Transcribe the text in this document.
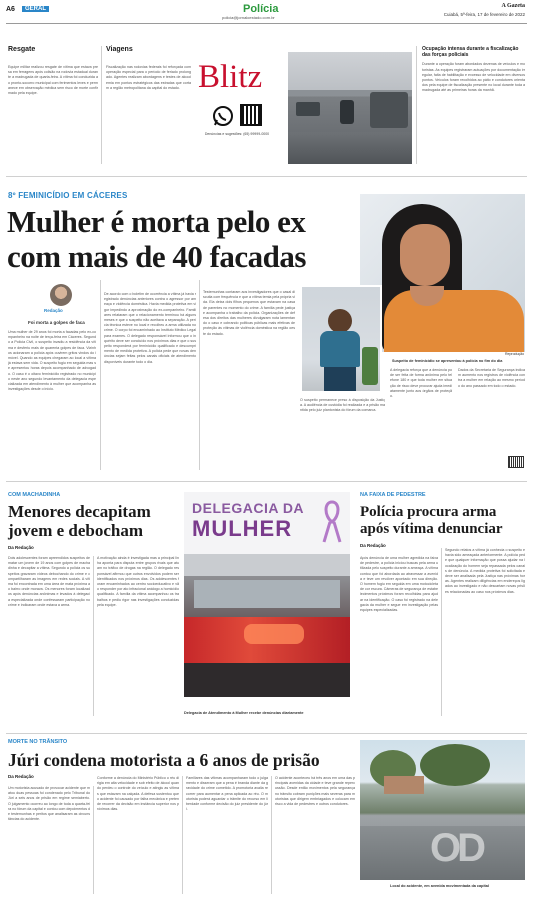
A6	GERAL	Polícia
policia@jornaloestado.com.br
A Gazeta
Cuiabá, 5ª-feira, 17 de fevereiro de 2022
Resgate
Equipe militar realizou resgate de vítima que estava presa em ferragens após colisão na rodovia estadual durante a madrugada de quarta-feira. A vítima foi conduzida ao pronto-socorro municipal com ferimentos leves e permanece em observação médica sem risco de morte confirmado pela equipe.
Viagens
Fiscalização nas rodovias federais foi reforçada com operação especial para o período de feriado prolongado. Agentes realizam abordagens e testes de alcoolemia em pontos estratégicos das estradas que cortam a região metropolitana da capital do estado. Blitz
Denúncias e sugestões: (65) 99999-0000
Ocupação intensa durante a fiscalização das forças policiais
Durante a operação foram abordados dezenas de veículos e motoristas. As equipes registraram autuações por documentação irregular, falta de habilitação e excesso de velocidade em diversos pontos. Veículos foram recolhidos ao pátio e condutores orientados pela equipe de fiscalização presente no local durante toda a madrugada até as primeiras horas da manhã.
8º FEMINICÍDIO EM CÁCERES
Mulher é morta pelo ex
com mais de 40 facadas
Reprodução
Suspeito de feminicídio se apresentou à polícia no fim do dia
Redação
Foi morta a golpes de faca
Uma mulher de 29 anos foi morta a facadas pelo ex-companheiro na noite de terça-feira em Cáceres. Segundo a Polícia Civil, o suspeito invadiu a residência da vítima e desferiu mais de quarenta golpes de faca. Vizinhos acionaram a polícia após ouvirem gritos vindos do imóvel. Quando as equipes chegaram ao local a vítima já estava sem vida. O suspeito fugiu em seguida mas se apresentou horas depois acompanhado de advogado. O caso é o oitavo feminicídio registrado no município neste ano segundo levantamento da delegacia especializada em atendimento à mulher que acompanha as investigações desde o início.

De acordo com o boletim de ocorrência a vítima já havia registrado denúncias anteriores contra o agressor por ameaça e violência doméstica. Havia medida protetiva em vigor impedindo a aproximação do ex-companheiro. Familiares relataram que o relacionamento terminou há alguns meses e que o suspeito não aceitava a separação. A perícia técnica esteve no local e recolheu a arma utilizada no crime. O corpo foi encaminhado ao Instituto Médico Legal para exames. O delegado responsável informou que o inquérito deve ser concluído nos próximos dias e que o suspeito responderá por feminicídio qualificado e descumprimento de medida protetiva. A polícia pede que novas denúncias sejam feitas pelos canais oficiais de atendimento disponíveis durante todo o dia.
Testemunhas contaram aos investigadores que o casal discutia com frequência e que a vítima temia pela própria vida. Ela deixa dois filhos pequenos que estavam na casa de parentes no momento do crime. A família pede justiça e acompanha o trabalho da polícia. Organizações de defesa dos direitos das mulheres divulgaram nota lamentando o caso e cobrando políticas públicas mais efetivas de proteção às vítimas de violência doméstica na região oeste do estado.
O suspeito permanece preso à disposição da Justiça. A audiência de custódia foi realizada e a prisão mantida pelo juiz plantonista do fórum da comarca.
A delegacia reforça que a denúncia pode ser feita de forma anônima pelo telefone 180 e que toda mulher em situação de risco deve procurar ajuda imediatamente junto aos órgãos de proteção.
Dados da Secretaria de Segurança indicam aumento nos registros de violência contra a mulher em relação ao mesmo período do ano passado em todo o estado.
COM MACHADINHA
Menores decapitam
jovem e debocham
Da Redação
Dois adolescentes foram apreendidos suspeitos de matar um jovem de 19 anos com golpes de machadinha e decapitar a vítima. Segundo a polícia os suspeitos gravaram vídeos debochando do crime e compartilharam as imagens em redes sociais. A vítima foi encontrada em uma área de mata próxima ao bairro onde morava. Os menores foram localizados após denúncias anônimas e levados à delegacia especializada onde confessaram participação no crime e indicaram onde estava a arma.
A motivação ainda é investigada mas a principal linha aponta para disputa entre grupos rivais que atuam no tráfico de drogas na região. O delegado responsável afirmou que outros envolvidos podem ser identificados nos próximos dias. Os adolescentes foram encaminhados ao centro socioeducativo e vão responder por ato infracional análogo a homicídio qualificado. A família da vítima acompanhou os trabalhos e pediu rigor nas investigações conduzidas pela equipe.
DELEGACIA DA
MULHER
Delegacia de Atendimento à Mulher recebe denúncias diariamente
NA FAIXA DE PEDESTRE
Polícia procura arma
após vítima denunciar
Da Redação
Após denúncia de uma mulher agredida na faixa de pedestre, a polícia iniciou buscas pela arma utilizada pelo suspeito durante a ameaça. A vítima contou que foi abordada ao atravessar a avenida e teve um revólver apontado em sua direção. O homem fugiu em seguida em uma motocicleta de cor escura. Câmeras de segurança de estabelecimentos próximos foram recolhidas para ajudar na identificação. O caso foi registrado na delegacia da mulher e segue em investigação pelas equipes especializadas.
Segundo relatos a vítima já conhecia o suspeito e havia sido ameaçada anteriormente. A polícia pede que qualquer informação que possa ajudar na localização do homem seja repassada pelos canais de denúncia. A medida protetiva foi solicitada e deve ser analisada pela Justiça nas próximas horas. Agentes realizam diligências em endereços ligados ao investigado e não descartam novas prisões relacionadas ao caso nos próximos dias.
MORTE NO TRÂNSITO
Júri condena motorista a 6 anos de prisão
Da Redação
Um motorista acusado de provocar acidente que matou duas pessoas foi condenado pelo Tribunal do Júri a seis anos de prisão em regime semiaberto. O julgamento ocorreu ao longo de toda a quarta-feira no fórum da capital e contou com depoimentos de testemunhas e peritos que analisaram as circunstâncias do acidente.
Conforme a denúncia do Ministério Público o réu dirigia em alta velocidade e sob efeito de álcool quando perdeu o controle do veículo e atingiu as vítimas que estavam na calçada. A defesa sustentou que o acidente foi causado por falha mecânica e pretende recorrer da decisão em instância superior nos próximos dias.
Familiares das vítimas acompanharam todo o julgamento e disseram que a pena é branda diante da gravidade do crime cometido. A promotoria avalia recorrer para aumentar a pena aplicada ao réu. O motorista poderá aguardar o trâmite do recurso em liberdade conforme decisão do juiz presidente do júri.
O acidente aconteceu há três anos em uma das principais avenidas da cidade e teve grande repercussão. Desde então movimentos pela segurança no trânsito cobram punições mais severas para motoristas que dirigem embriagados e colocam em risco a vida de pedestres e outros condutores.
OD
Local do acidente, em avenida movimentada da capital
